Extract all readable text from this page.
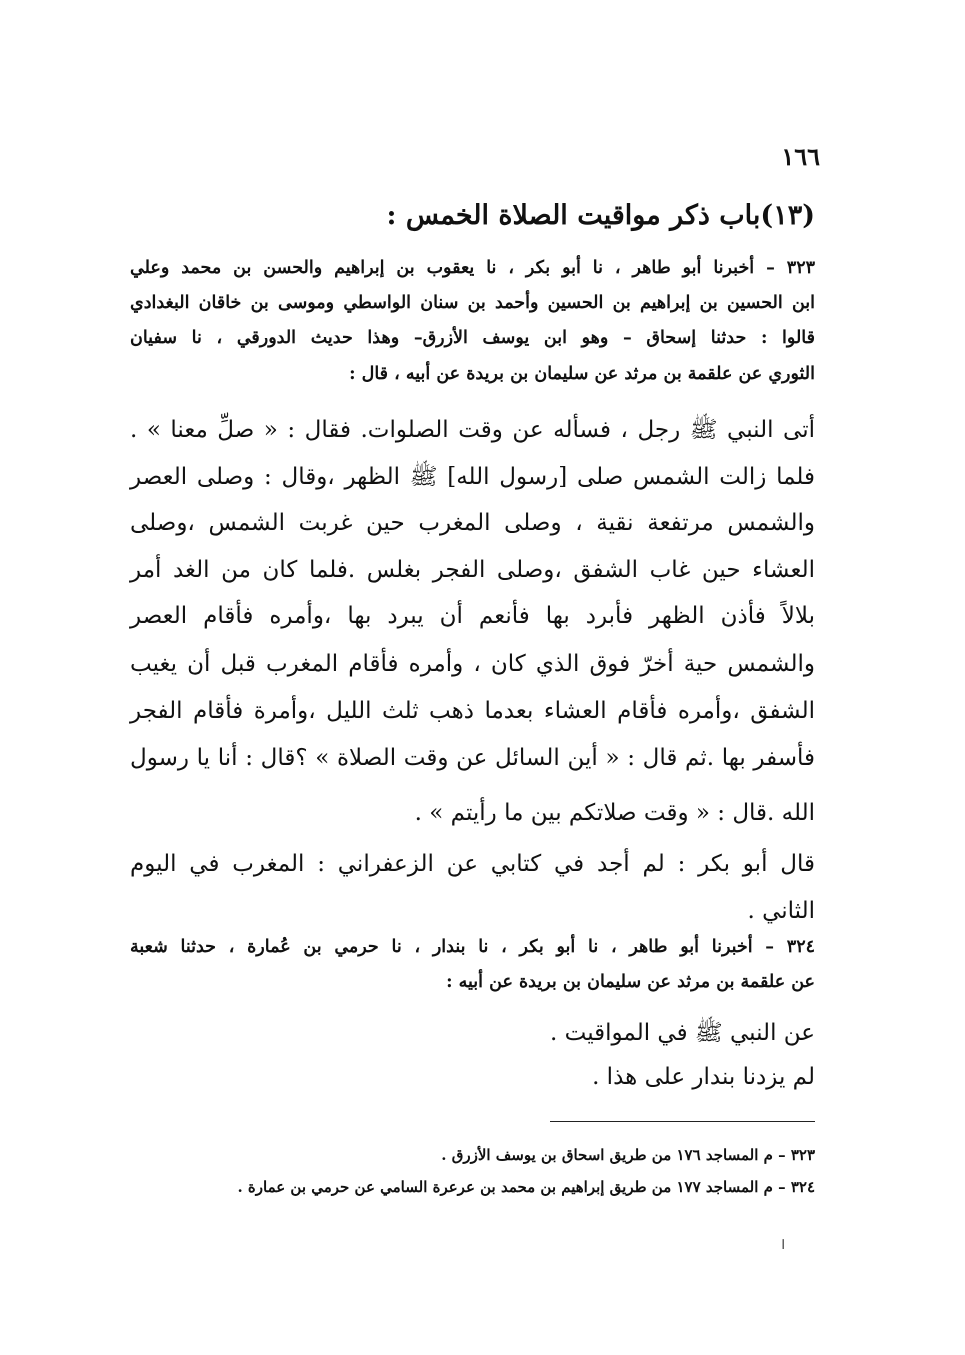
١٦٦
(١٣)باب ذكر مواقيت الصلاة الخمس :
٣٢٣ – أخبرنا أبو طاهر ، نا أبو بكر ، نا يعقوب بن إبراهيم والحسن بن محمد وعلي
ابن الحسين بن إبراهيم بن الحسين وأحمد بن سنان الواسطي وموسى بن خاقان البغدادي
قالوا : حدثنا إسحاق – وهو ابن يوسف الأزرق– وهذا حديث الدورقي ، نا سفيان
الثوري عن علقمة بن مرثد عن سليمان بن بريدة عن أبيه ، قال :
أتى النبي ﷺ رجل ، فسأله عن وقت الصلوات. فقال : « صلِّ معنا » .
فلما زالت الشمس صلى [رسول الله] ﷺ الظهر ،وقال : وصلى العصر
والشمس مرتفعة نقية ، وصلى المغرب حين غربت الشمس ،وصلى
العشاء حين غاب الشفق ،وصلى الفجر بغلس .فلما كان من الغد أمر
بلالاً فأذن الظهر فأبرد بها فأنعم أن يبرد بها ،وأمره فأقام العصر
والشمس حية أخرّ فوق الذي كان ، وأمره فأقام المغرب قبل أن يغيب
الشفق ،وأمره فأقام العشاء بعدما ذهب ثلث الليل ،وأمرة فأقام الفجر
فأسفر بها .ثم قال : « أين السائل عن وقت الصلاة » ؟قال : أنا يا رسول
الله .قال : « وقت صلاتكم بين ما رأيتم » .
قال أبو بكر : لم أجد في كتابي عن الزعفراني : المغرب في اليوم
الثاني .
٣٢٤ – أخبرنا أبو طاهر ، نا أبو بكر ، نا بندار ، نا حرمي بن عُمارة ، حدثنا شعبة
عن علقمة بن مرثد عن سليمان بن بريدة عن أبيه :
عن النبي ﷺ في المواقيت .
لم يزدنا بندار على هذا .
٣٢٣ – م المساجد ١٧٦ من طريق اسحاق بن يوسف الأزرق .
٣٢٤ – م المساجد ١٧٧ من طريق إبراهيم بن محمد بن عرعرة السامي عن حرمي بن عمارة .
ا
